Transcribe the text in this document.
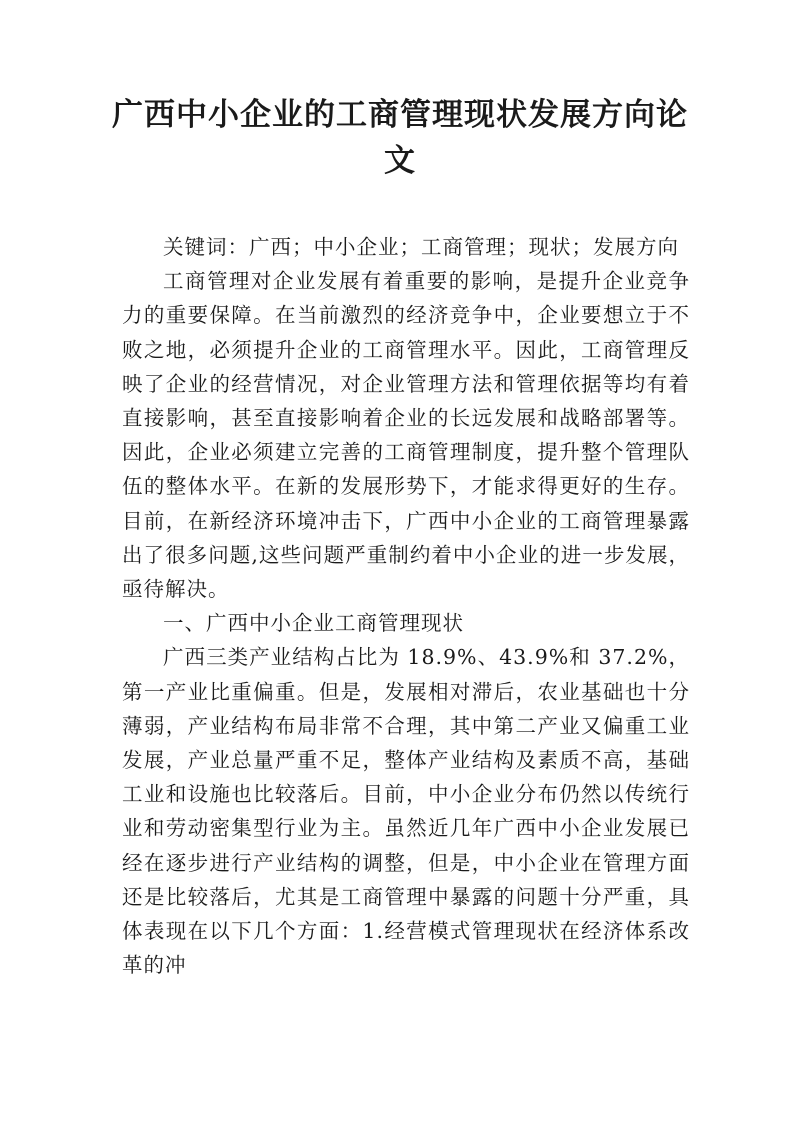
广西中小企业的工商管理现状发展方向论文

关键词：广西；中小企业；工商管理；现状；发展方向

工商管理对企业发展有着重要的影响，是提升企业竞争力的重要保障。在当前激烈的经济竞争中，企业要想立于不败之地，必须提升企业的工商管理水平。因此，工商管理反映了企业的经营情况，对企业管理方法和管理依据等均有着直接影响，甚至直接影响着企业的长远发展和战略部署等。因此，企业必须建立完善的工商管理制度，提升整个管理队伍的整体水平。在新的发展形势下，才能求得更好的生存。目前，在新经济环境冲击下，广西中小企业的工商管理暴露出了很多问题,这些问题严重制约着中小企业的进一步发展，亟待解决。

一、广西中小企业工商管理现状

广西三类产业结构占比为 18.9%、43.9%和 37.2%，第一产业比重偏重。但是，发展相对滞后，农业基础也十分薄弱，产业结构布局非常不合理，其中第二产业又偏重工业发展，产业总量严重不足，整体产业结构及素质不高，基础工业和设施也比较落后。目前，中小企业分布仍然以传统行业和劳动密集型行业为主。虽然近几年广西中小企业发展已经在逐步进行产业结构的调整，但是，中小企业在管理方面还是比较落后，尤其是工商管理中暴露的问题十分严重，具体表现在以下几个方面：1.经营模式管理现状在经济体系改革的冲
